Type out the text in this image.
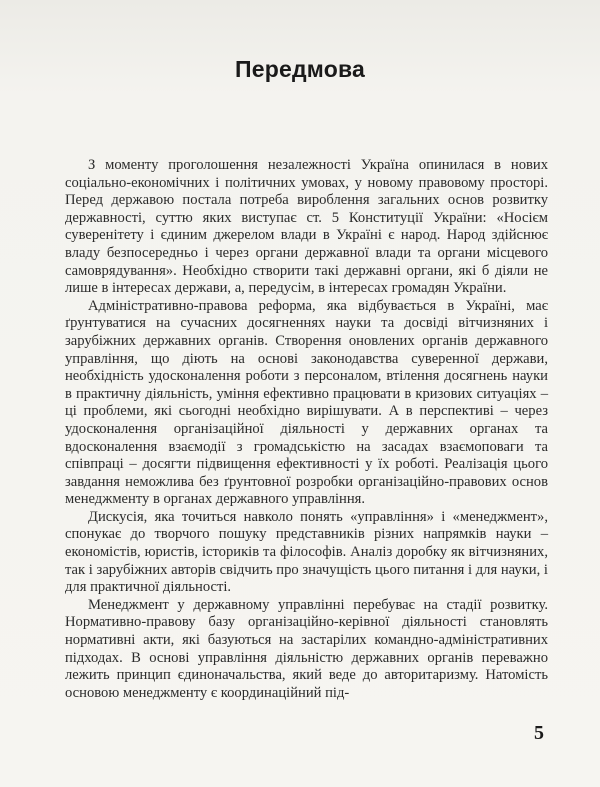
Передмова

З моменту проголошення незалежності Україна опинилася в нових соціально-економічних і політичних умовах, у новому правовому просторі. Перед державою постала потреба вироблення загальних основ розвитку державності, суттю яких виступає ст. 5 Конституції України: «Носієм суверенітету і єдиним джерелом влади в Україні є народ. Народ здійснює владу безпосередньо і через органи державної влади та органи місцевого самоврядування». Необхідно створити такі державні органи, які б діяли не лише в інтересах держави, а, передусім, в інтересах громадян України.

Адміністративно-правова реформа, яка відбувається в Україні, має ґрунтуватися на сучасних досягненнях науки та досвіді вітчизняних і зарубіжних державних органів. Створення оновлених органів державного управління, що діють на основі законодавства суверенної держави, необхідність удосконалення роботи з персоналом, втілення досягнень науки в практичну діяльність, уміння ефективно працювати в кризових ситуаціях – ці проблеми, які сьогодні необхідно вирішувати. А в перспективі – через удосконалення організаційної діяльності у державних органах та вдосконалення взаємодії з громадськістю на засадах взаємоповаги та співпраці – досягти підвищення ефективності у їх роботі. Реалізація цього завдання неможлива без ґрунтовної розробки організаційно-правових основ менеджменту в органах державного управління.

Дискусія, яка точиться навколо понять «управління» і «менеджмент», спонукає до творчого пошуку представників різних напрямків науки – економістів, юристів, істориків та філософів. Аналіз доробку як вітчизняних, так і зарубіжних авторів свідчить про значущість цього питання і для науки, і для практичної діяльності.

Менеджмент у державному управлінні перебуває на стадії розвитку. Нормативно-правову базу організаційно-керівної діяльності становлять нормативні акти, які базуються на застарілих командно-адміністративних підходах. В основі управління діяльністю державних органів переважно лежить принцип єдиноначальства, який веде до авторитаризму. Натомість основою менеджменту є координаційний під-

5
